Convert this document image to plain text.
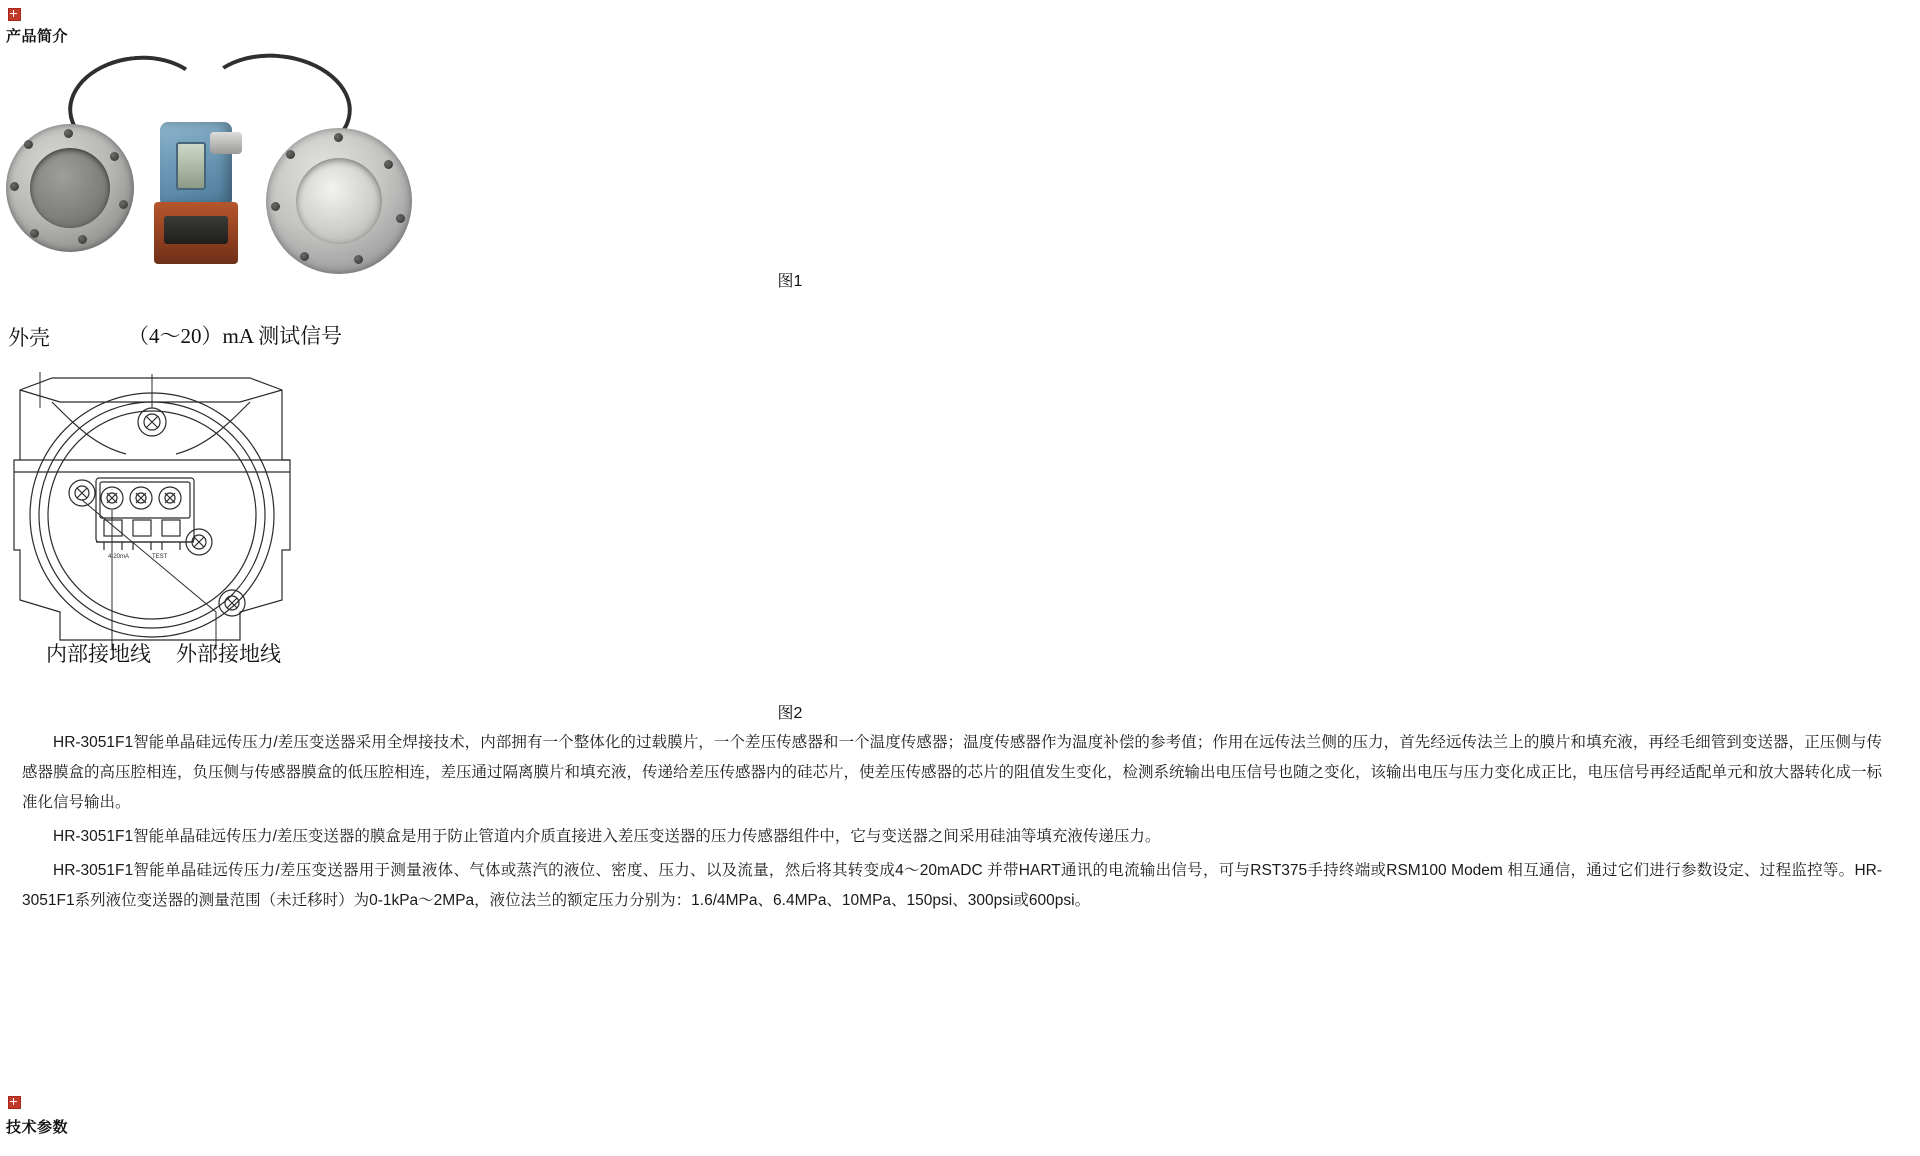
产品简介
图1
外壳	（4～20）mA 测试信号
内部接地线 外部接地线
4-20mA	TEST
图2

HR-3051F1智能单晶硅远传压力/差压变送器采用全焊接技术，内部拥有一个整体化的过载膜片，一个差压传感器和一个温度传感器；温度传感器作为温度补偿的参考值；作用在远传法兰侧的压力，首先经远传法兰上的膜片和填充液，再经毛细管到变送器，正压侧与传感器膜盒的高压腔相连，负压侧与传感器膜盒的低压腔相连，差压通过隔离膜片和填充液，传递给差压传感器内的硅芯片，使差压传感器的芯片的阻值发生变化，检测系统输出电压信号也随之变化，该输出电压与压力变化成正比，电压信号再经适配单元和放大器转化成一标准化信号输出。

HR-3051F1智能单晶硅远传压力/差压变送器的膜盒是用于防止管道内介质直接进入差压变送器的压力传感器组件中，它与变送器之间采用硅油等填充液传递压力。

HR-3051F1智能单晶硅远传压力/差压变送器用于测量液体、气体或蒸汽的液位、密度、压力、以及流量，然后将其转变成4～20mADC 并带HART通讯的电流输出信号，可与RST375手持终端或RSM100 Modem 相互通信，通过它们进行参数设定、过程监控等。HR-3051F1系列液位变送器的测量范围（未迁移时）为0-1kPa～2MPa，液位法兰的额定压力分别为：1.6/4MPa、6.4MPa、10MPa、150psi、300psi或600psi。

技术参数
